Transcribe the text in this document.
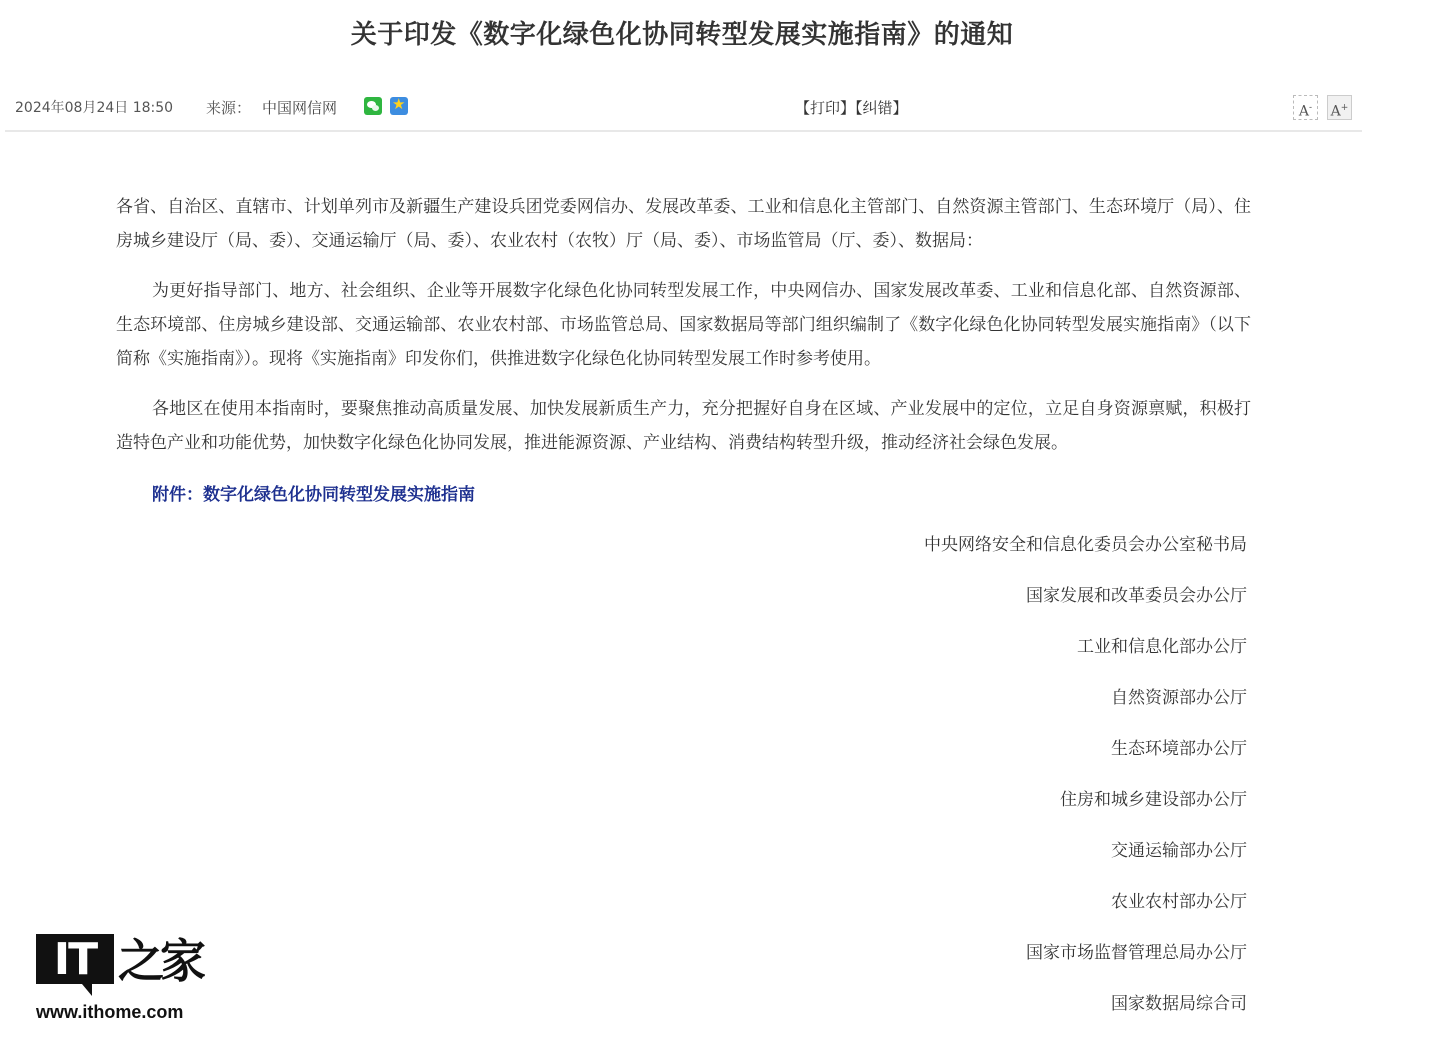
关于印发《数字化绿色化协同转型发展实施指南》的通知
2024年08月24日 18:50 来源： 中国网信网
★	【打印】【纠错】	A-	A+

各省、自治区、直辖市、计划单列市及新疆生产建设兵团党委网信办、发展改革委、工业和信息化主管部门、自然资源主管部门、生态环境厅（局）、住房城乡建设厅（局、委）、交通运输厅（局、委）、农业农村（农牧）厅（局、委）、市场监管局（厅、委）、数据局：

为更好指导部门、地方、社会组织、企业等开展数字化绿色化协同转型发展工作，中央网信办、国家发展改革委、工业和信息化部、自然资源部、生态环境部、住房城乡建设部、交通运输部、农业农村部、市场监管总局、国家数据局等部门组织编制了《数字化绿色化协同转型发展实施指南》（以下简称《实施指南》）。现将《实施指南》印发你们，供推进数字化绿色化协同转型发展工作时参考使用。

各地区在使用本指南时，要聚焦推动高质量发展、加快发展新质生产力，充分把握好自身在区域、产业发展中的定位，立足自身资源禀赋，积极打造特色产业和功能优势，加快数字化绿色化协同发展，推进能源资源、产业结构、消费结构转型升级，推动经济社会绿色发展。

附件：数字化绿色化协同转型发展实施指南
中央网络安全和信息化委员会办公室秘书局
国家发展和改革委员会办公厅
工业和信息化部办公厅
自然资源部办公厅
生态环境部办公厅
住房和城乡建设部办公厅
交通运输部办公厅
农业农村部办公厅
国家市场监督管理总局办公厅
国家数据局综合司
IT 之家
www.ithome.com
